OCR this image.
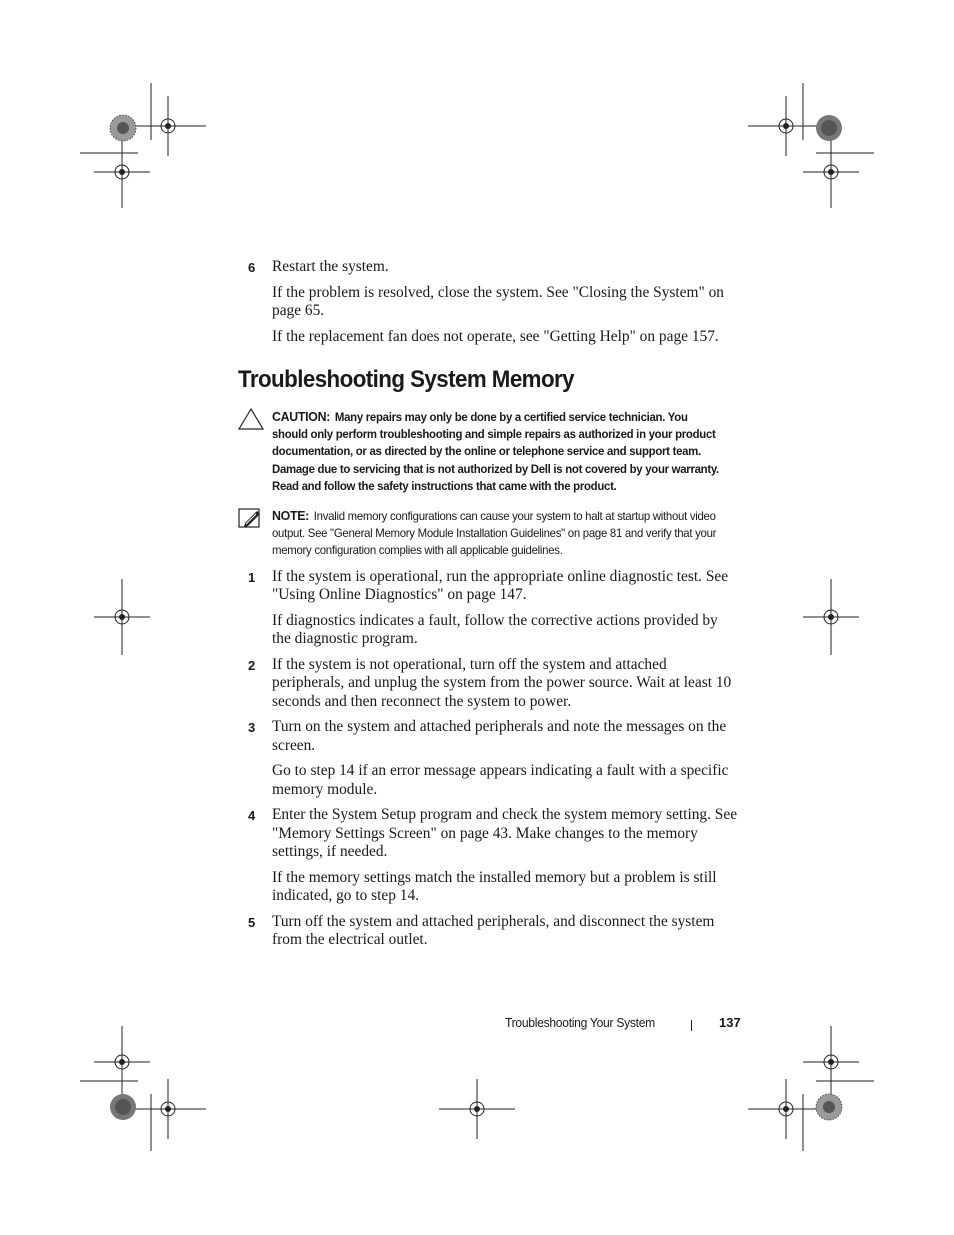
6 Restart the system.

If the problem is resolved, close the system. See "Closing the System" on page 65.

If the replacement fan does not operate, see "Getting Help" on page 157.

Troubleshooting System Memory
CAUTION: Many repairs may only be done by a certified service technician. You should only perform troubleshooting and simple repairs as authorized in your product documentation, or as directed by the online or telephone service and support team. Damage due to servicing that is not authorized by Dell is not covered by your warranty. Read and follow the safety instructions that came with the product.
NOTE: Invalid memory configurations can cause your system to halt at startup without video output. See "General Memory Module Installation Guidelines" on page 81 and verify that your memory configuration complies with all applicable guidelines.
1 If the system is operational, run the appropriate online diagnostic test. See "Using Online Diagnostics" on page 147.

If diagnostics indicates a fault, follow the corrective actions provided by the diagnostic program.

2 If the system is not operational, turn off the system and attached peripherals, and unplug the system from the power source. Wait at least 10 seconds and then reconnect the system to power.

3 Turn on the system and attached peripherals and note the messages on the screen.

Go to step 14 if an error message appears indicating a fault with a specific memory module.

4 Enter the System Setup program and check the system memory setting. See "Memory Settings Screen" on page 43. Make changes to the memory settings, if needed.

If the memory settings match the installed memory but a problem is still indicated, go to step 14.

5 Turn off the system and attached peripherals, and disconnect the system from the electrical outlet.

Troubleshooting Your System	137
